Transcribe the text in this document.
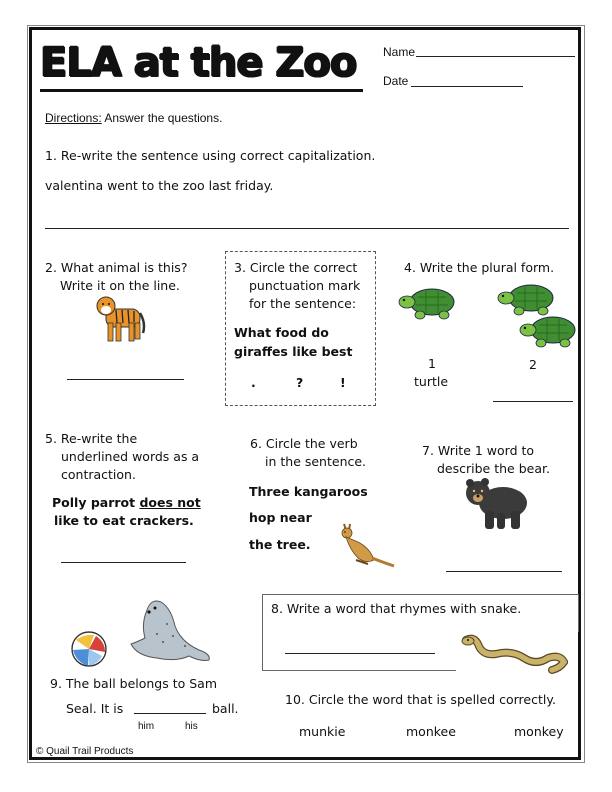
ELA at the Zoo Name
Date
Directions: Answer the questions.
1. Re-write the sentence using correct capitalization.
valentina went to the zoo last friday.
2. What animal is this?
Write it on the line.
3. Circle the correct
punctuation mark
for the sentence:
What food do
giraffes like best
.	?	!
4. Write the plural form.
1
turtle
2
5. Re-write the
underlined words as a
contraction.
Polly parrot does not
like to eat crackers.
6. Circle the verb
in the sentence.
Three kangaroos
hop near
the tree.
7. Write 1 word to
describe the bear.
8. Write a word that rhymes with snake.
9. The ball belongs to Sam
Seal. It is	ball.
him	his
10. Circle the word that is spelled correctly.
munkie	monkee	monkey
© Quail Trail Products
